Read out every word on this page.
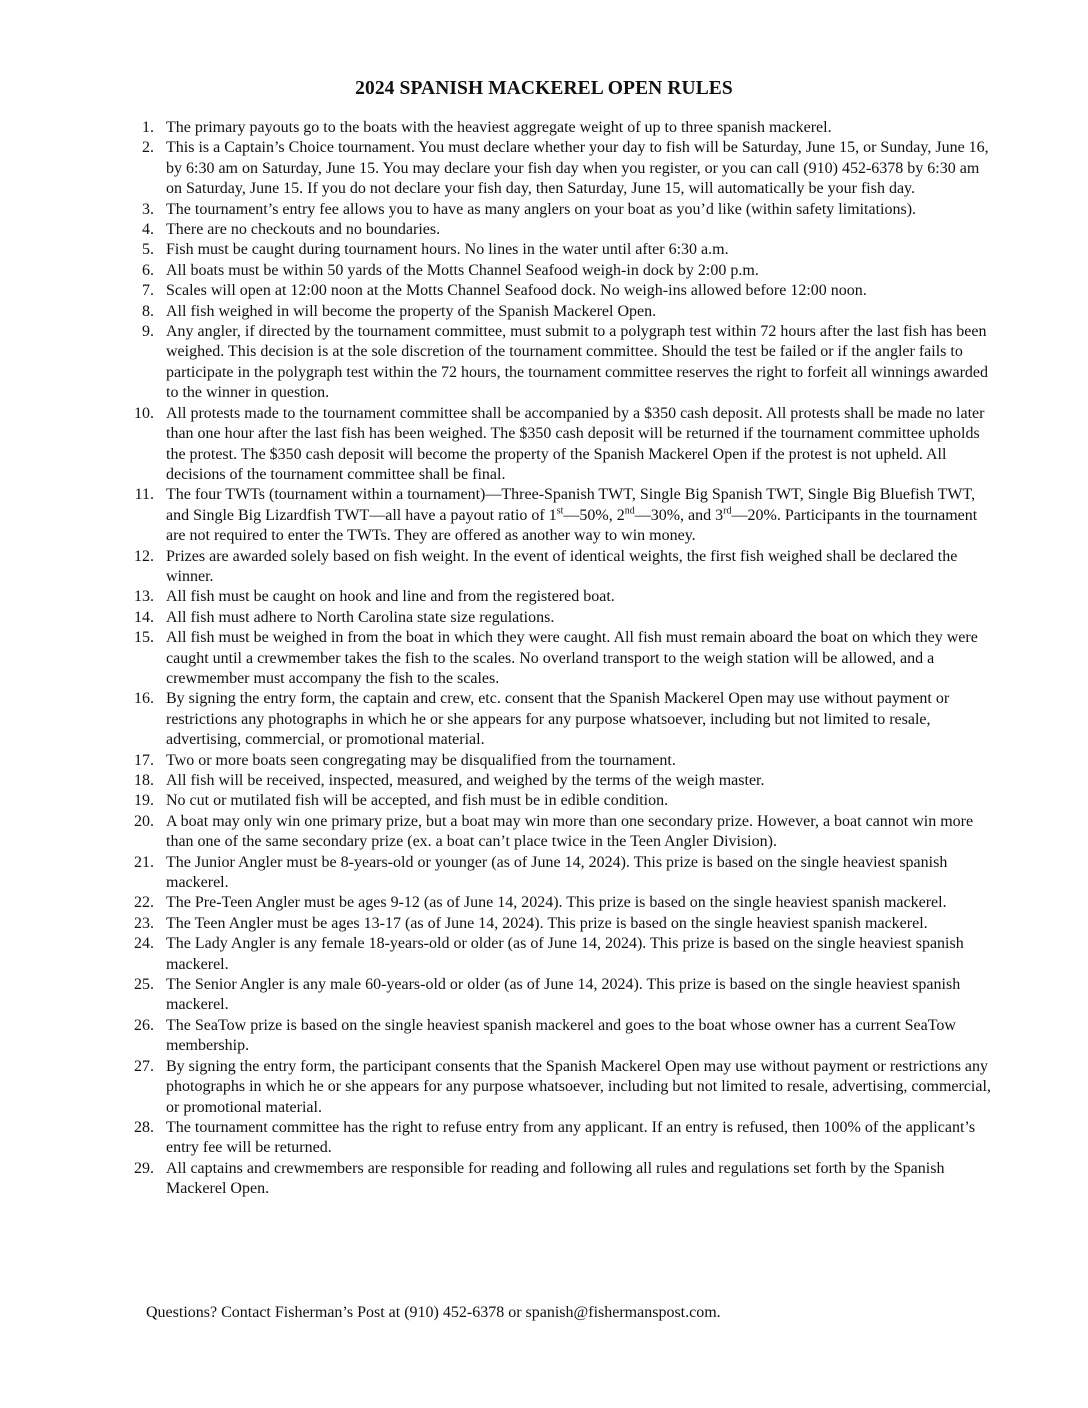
2024 SPANISH MACKEREL OPEN RULES
1. The primary payouts go to the boats with the heaviest aggregate weight of up to three spanish mackerel.
2. This is a Captain’s Choice tournament. You must declare whether your day to fish will be Saturday, June 15, or Sunday, June 16, by 6:30 am on Saturday, June 15. You may declare your fish day when you register, or you can call (910) 452-6378 by 6:30 am on Saturday, June 15. If you do not declare your fish day, then Saturday, June 15, will automatically be your fish day.
3. The tournament’s entry fee allows you to have as many anglers on your boat as you’d like (within safety limitations).
4. There are no checkouts and no boundaries.
5. Fish must be caught during tournament hours. No lines in the water until after 6:30 a.m.
6. All boats must be within 50 yards of the Motts Channel Seafood weigh-in dock by 2:00 p.m.
7. Scales will open at 12:00 noon at the Motts Channel Seafood dock. No weigh-ins allowed before 12:00 noon.
8. All fish weighed in will become the property of the Spanish Mackerel Open.
9. Any angler, if directed by the tournament committee, must submit to a polygraph test within 72 hours after the last fish has been weighed. This decision is at the sole discretion of the tournament committee. Should the test be failed or if the angler fails to participate in the polygraph test within the 72 hours, the tournament committee reserves the right to forfeit all winnings awarded to the winner in question.
10. All protests made to the tournament committee shall be accompanied by a $350 cash deposit. All protests shall be made no later than one hour after the last fish has been weighed. The $350 cash deposit will be returned if the tournament committee upholds the protest. The $350 cash deposit will become the property of the Spanish Mackerel Open if the protest is not upheld. All decisions of the tournament committee shall be final.
11. The four TWTs (tournament within a tournament)—Three-Spanish TWT, Single Big Spanish TWT, Single Big Bluefish TWT, and Single Big Lizardfish TWT—all have a payout ratio of 1st—50%, 2nd—30%, and 3rd—20%. Participants in the tournament are not required to enter the TWTs. They are offered as another way to win money.
12. Prizes are awarded solely based on fish weight. In the event of identical weights, the first fish weighed shall be declared the winner.
13. All fish must be caught on hook and line and from the registered boat.
14. All fish must adhere to North Carolina state size regulations.
15. All fish must be weighed in from the boat in which they were caught. All fish must remain aboard the boat on which they were caught until a crewmember takes the fish to the scales. No overland transport to the weigh station will be allowed, and a crewmember must accompany the fish to the scales.
16. By signing the entry form, the captain and crew, etc. consent that the Spanish Mackerel Open may use without payment or restrictions any photographs in which he or she appears for any purpose whatsoever, including but not limited to resale, advertising, commercial, or promotional material.
17. Two or more boats seen congregating may be disqualified from the tournament.
18. All fish will be received, inspected, measured, and weighed by the terms of the weigh master.
19. No cut or mutilated fish will be accepted, and fish must be in edible condition.
20. A boat may only win one primary prize, but a boat may win more than one secondary prize. However, a boat cannot win more than one of the same secondary prize (ex. a boat can’t place twice in the Teen Angler Division).
21. The Junior Angler must be 8-years-old or younger (as of June 14, 2024). This prize is based on the single heaviest spanish mackerel.
22. The Pre-Teen Angler must be ages 9-12 (as of June 14, 2024). This prize is based on the single heaviest spanish mackerel.
23. The Teen Angler must be ages 13-17 (as of June 14, 2024). This prize is based on the single heaviest spanish mackerel.
24. The Lady Angler is any female 18-years-old or older (as of June 14, 2024). This prize is based on the single heaviest spanish mackerel.
25. The Senior Angler is any male 60-years-old or older (as of June 14, 2024). This prize is based on the single heaviest spanish mackerel.
26. The SeaTow prize is based on the single heaviest spanish mackerel and goes to the boat whose owner has a current SeaTow membership.
27. By signing the entry form, the participant consents that the Spanish Mackerel Open may use without payment or restrictions any photographs in which he or she appears for any purpose whatsoever, including but not limited to resale, advertising, commercial, or promotional material.
28. The tournament committee has the right to refuse entry from any applicant. If an entry is refused, then 100% of the applicant’s entry fee will be returned.
29. All captains and crewmembers are responsible for reading and following all rules and regulations set forth by the Spanish Mackerel Open.

Questions? Contact Fisherman’s Post at (910) 452-6378 or spanish@fishermanspost.com.
